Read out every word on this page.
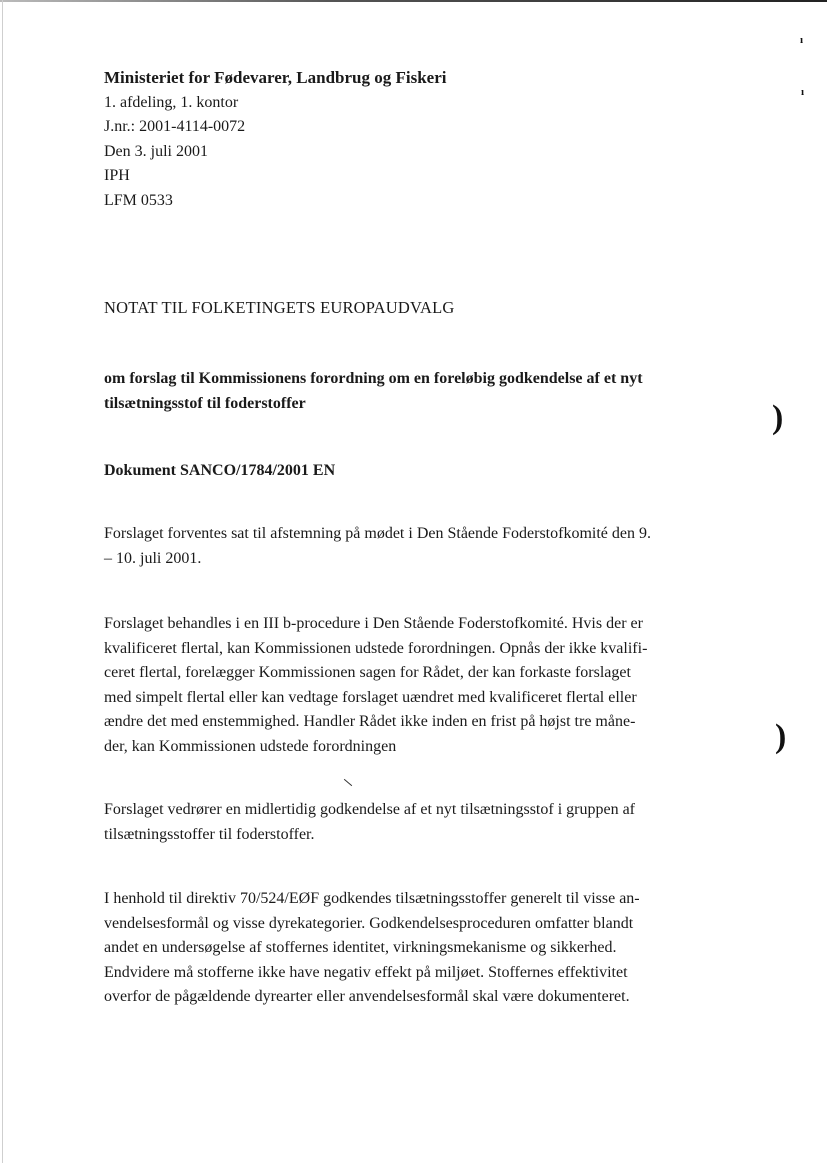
ı
ı
)
)
Ministeriet for Fødevarer, Landbrug og Fiskeri
1. afdeling, 1. kontor
J.nr.: 2001-4114-0072
Den 3. juli 2001
IPH
LFM 0533
NOTAT TIL FOLKETINGETS EUROPAUDVALG
om forslag til Kommissionens forordning om en foreløbig godkendelse af et nyt
tilsætningsstof til foderstoffer
Dokument SANCO/1784/2001 EN
Forslaget forventes sat til afstemning på mødet i Den Stående Foderstofkomité den 9.
– 10. juli 2001.
Forslaget behandles i en III b-procedure i Den Stående Foderstofkomité. Hvis der er
kvalificeret flertal, kan Kommissionen udstede forordningen. Opnås der ikke kvalifi-
ceret flertal, forelægger Kommissionen sagen for Rådet, der kan forkaste forslaget
med simpelt flertal eller kan vedtage forslaget uændret med kvalificeret flertal eller
ændre det med enstemmighed. Handler Rådet ikke inden en frist på højst tre måne-
der, kan Kommissionen udstede forordningen
Forslaget vedrører en midlertidig godkendelse af et nyt tilsætningsstof i gruppen af
tilsætningsstoffer til foderstoffer.
I henhold til direktiv 70/524/EØF godkendes tilsætningsstoffer generelt til visse an-
vendelsesformål og visse dyrekategorier. Godkendelsesproceduren omfatter blandt
andet en undersøgelse af stoffernes identitet, virkningsmekanisme og sikkerhed.
Endvidere må stofferne ikke have negativ effekt på miljøet. Stoffernes effektivitet
overfor de pågældende dyrearter eller anvendelsesformål skal være dokumenteret.
